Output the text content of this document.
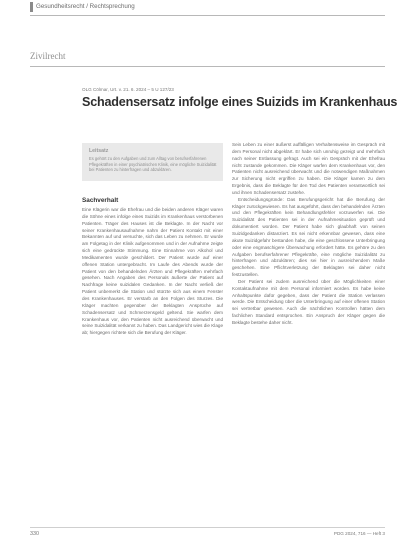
Gesundheitsrecht / Rechtsprechung
Zivilrecht
OLG Cölmar, Urt. v. 21. 6. 2024 – 5 U 127/23
Schadensersatz infolge eines Suizids im Krankenhaus
Leitsatz
Es gehört zu den Aufgaben und zum Alltag von berufserfahrenen Pflegekräften in einer psychiatrischen Klinik, eine mögliche Suizidalität bei Patienten zu hinterfragen und abzuklären.
Sachverhalt

Eine Klägerin war die Ehefrau und die beiden anderen Kläger waren die Söhne eines infolge eines Suizids im Krankenhaus verstorbenen Patienten. Träger des Hauses ist die Beklagte. In der Nacht vor seiner Krankenhausaufnahme nahm der Patient Kontakt mit einer Bekannten auf und versuchte, sich das Leben zu nehmen. Er wurde am Folgetag in der Klinik aufgenommen und in der Aufnahme zeigte sich eine gedrückte Stimmung. Eine Einnahme von Alkohol und Medikamenten wurde geschildert. Der Patient wurde auf einer offenen Station untergebracht. Im Laufe des Abends wurde der Patient von den behandelnden Ärzten und Pflegekräften mehrfach gesehen. Nach Angaben des Personals äußerte der Patient auf Nachfrage keine suizidalen Gedanken. In der Nacht verließ der Patient unbemerkt die Station und stürzte sich aus einem Fenster des Krankenhauses. Er verstarb an den Folgen des Sturzes. Die Kläger machten gegenüber der Beklagten Ansprüche auf Schadensersatz und Schmerzensgeld geltend. Sie warfen dem Krankenhaus vor, den Patienten nicht ausreichend überwacht und seine Suizidalität verkannt zu haben. Das Landgericht wies die Klage ab; hiergegen richtete sich die Berufung der Kläger.

Sein Leben zu einer äußerst auffälligen Verhaltensweise im Gespräch mit dem Personal nicht abgeklärt. Er habe sich unruhig gezeigt und mehrfach nach seiner Entlassung gefragt. Auch sei ein Gespräch mit der Ehefrau nicht zustande gekommen. Die Kläger warfen dem Krankenhaus vor, den Patienten nicht ausreichend überwacht und die notwendigen Maßnahmen zur Sicherung nicht ergriffen zu haben. Die Kläger kamen zu dem Ergebnis, dass die Beklagte für den Tod des Patienten verantwortlich sei und ihnen Schadensersatz zustehe.

Entscheidungsgründe: Das Berufungsgericht hat die Berufung der Kläger zurückgewiesen. Es hat ausgeführt, dass den behandelnden Ärzten und den Pflegekräften kein Behandlungsfehler vorzuwerfen sei. Die Suizidalität des Patienten sei in der Aufnahmesituation geprüft und dokumentiert worden. Der Patient habe sich glaubhaft von seinen Suizidgedanken distanziert. Es sei nicht erkennbar gewesen, dass eine akute Suizidgefahr bestanden habe, die eine geschlossene Unterbringung oder eine engmaschigere Überwachung erfordert hätte. Es gehöre zu den Aufgaben berufserfahrener Pflegekräfte, eine mögliche Suizidalität zu hinterfragen und abzuklären; dies sei hier in ausreichendem Maße geschehen. Eine Pflichtverletzung der Beklagten sei daher nicht festzustellen.

Der Patient sei zudem ausreichend über die Möglichkeiten einer Kontaktaufnahme mit dem Personal informiert worden. Es habe keine Anhaltspunkte dafür gegeben, dass der Patient die Station verlassen werde. Die Entscheidung über die Unterbringung auf einer offenen Station sei vertretbar gewesen. Auch die nächtlichen Kontrollen hätten dem fachlichen Standard entsprochen. Ein Anspruch der Kläger gegen die Beklagte bestehe daher nicht.

330	PDG 2024, 716 — Heft 3
